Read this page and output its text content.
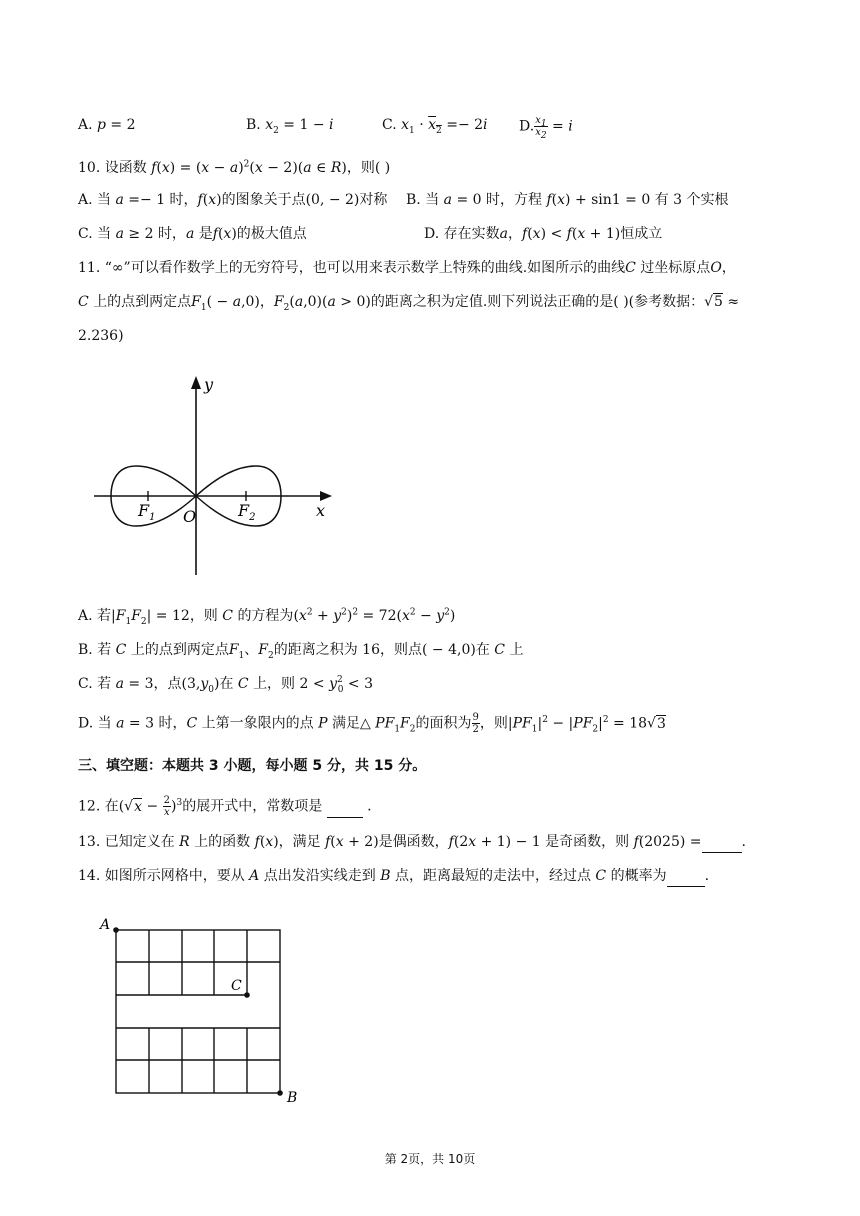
A. p = 2	B. $x_2 = 1 - i$	C. $x_1 \cdot x_2 =- 2i$ D. $\frac{x_1}{x_2} = i$
10. 设函数 $f(x) = (x - a)^2(x - 2)(a$ ∈ R)，则( )
A. 当 a =− 1 时，f(x)的图象关于点(0, − 2)对称 B. 当 a = 0 时，方程 f(x) + sin1 = 0 有 3 个实根
C. 当 a ≥ 2 时，a 是f(x)的极大值点	D. 存在实数a，f(x) < f(x + 1)恒成立
11. “∞”可以看作数学上的无穷符号，也可以用来表示数学上特殊的曲线.如图所示的曲线C 过坐标原点O，
C 上的点到两定点$F_1( - a,0)$，$F_2(a,0)(a > 0)$的距离之积为定值.则下列说法正确的是( )(参考数据：√5 ≈
2.236)
y
x
O
$F_1$	$F_2$
A. 若$|F_1F_2| = 12$，则 C 的方程为$(x^2 + y^2)^2 = 72(x^2 - y^2)$
B. 若 C 上的点到两定点$F_1$、$F_2$的距离之积为 16，则点( − 4,0)在 C 上
C. 若 a = 3，点$(3,y_0)$在 C 上，则 $2 < y^2_0 < 3$
D. 当 a = 3 时，C 上第一象限内的点 P 满足△ $PF_1F_2$的面积为 $\frac{9}{2}$ ，则$|PF_1|^2 - |PF_2|^2 = 18√3$
三、填空题：本题共 3 小题，每小题 5 分，共 15 分。
12. 在$(√x - \frac{2}{x} )^3$的展开式中，常数项是	.
13. 已知定义在 R 上的函数 f(x)，满足 f(x + 2)是偶函数，f(2x + 1) − 1 是奇函数，则 f(2025) =	.
14. 如图所示网格中，要从 A 点出发沿实线走到 B 点，距离最短的走法中，经过点 C 的概率为	.
A
C
B
第 2页，共 10页
